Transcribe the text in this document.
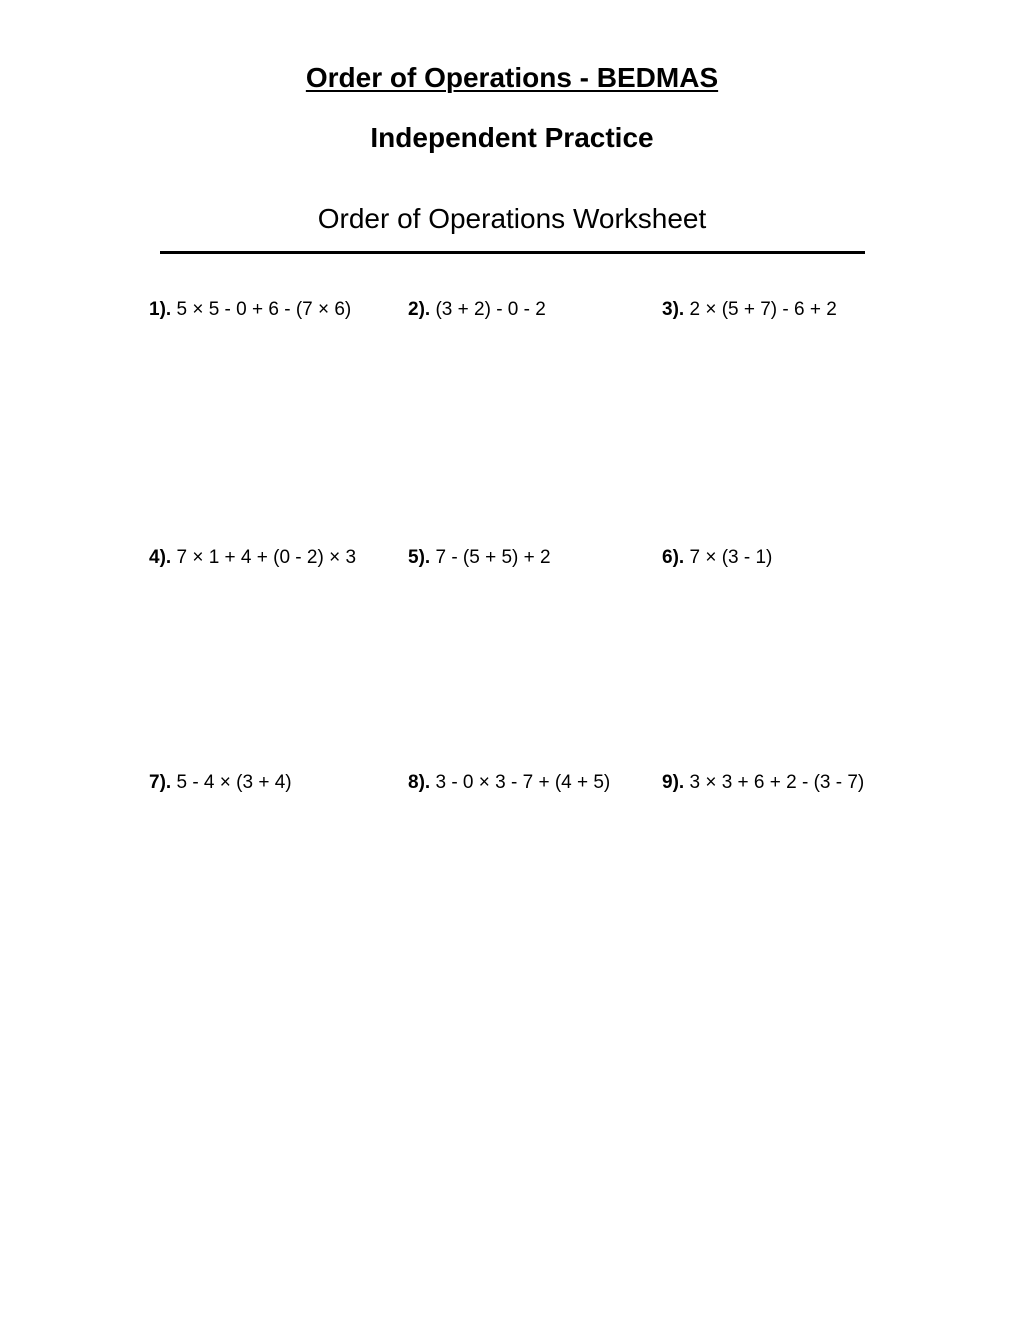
Order of Operations - BEDMAS
Independent Practice
Order of Operations Worksheet
1). 5 × 5 - 0 + 6 - (7 × 6)	2). (3 + 2) - 0 - 2	3). 2 × (5 + 7) - 6 + 2
4). 7 × 1 + 4 + (0 - 2) × 3	5). 7 - (5 + 5) + 2	6). 7 × (3 - 1)
7). 5 - 4 × (3 + 4)	8). 3 - 0 × 3 - 7 + (4 + 5)	9). 3 × 3 + 6 + 2 - (3 - 7)
